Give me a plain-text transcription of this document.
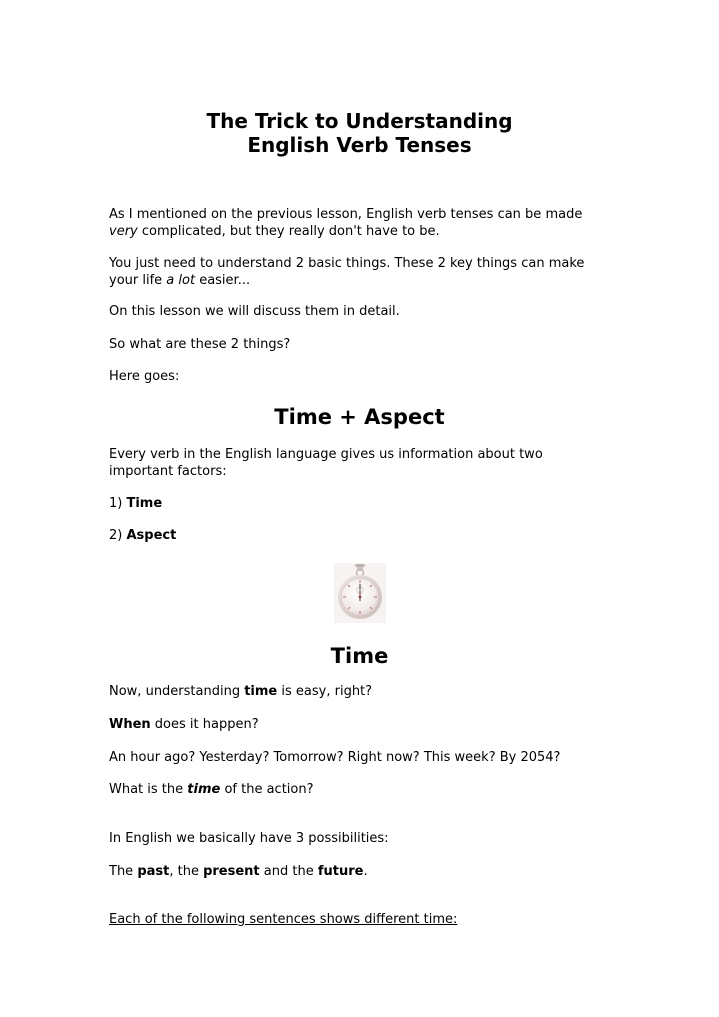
The Trick to Understanding
English Verb Tenses

As I mentioned on the previous lesson, English verb tenses can be made
very complicated, but they really don't have to be.

You just need to understand 2 basic things. These 2 key things can make
your life a lot easier...

On this lesson we will discuss them in detail.

So what are these 2 things?

Here goes:

Time + Aspect

Every verb in the English language gives us information about two
important factors:

1) Time

2) Aspect

Time

Now, understanding time is easy, right?

When does it happen?

An hour ago? Yesterday? Tomorrow? Right now? This week? By 2054?

What is the time of the action?

In English we basically have 3 possibilities:

The past, the present and the future.

Each of the following sentences shows different time:
